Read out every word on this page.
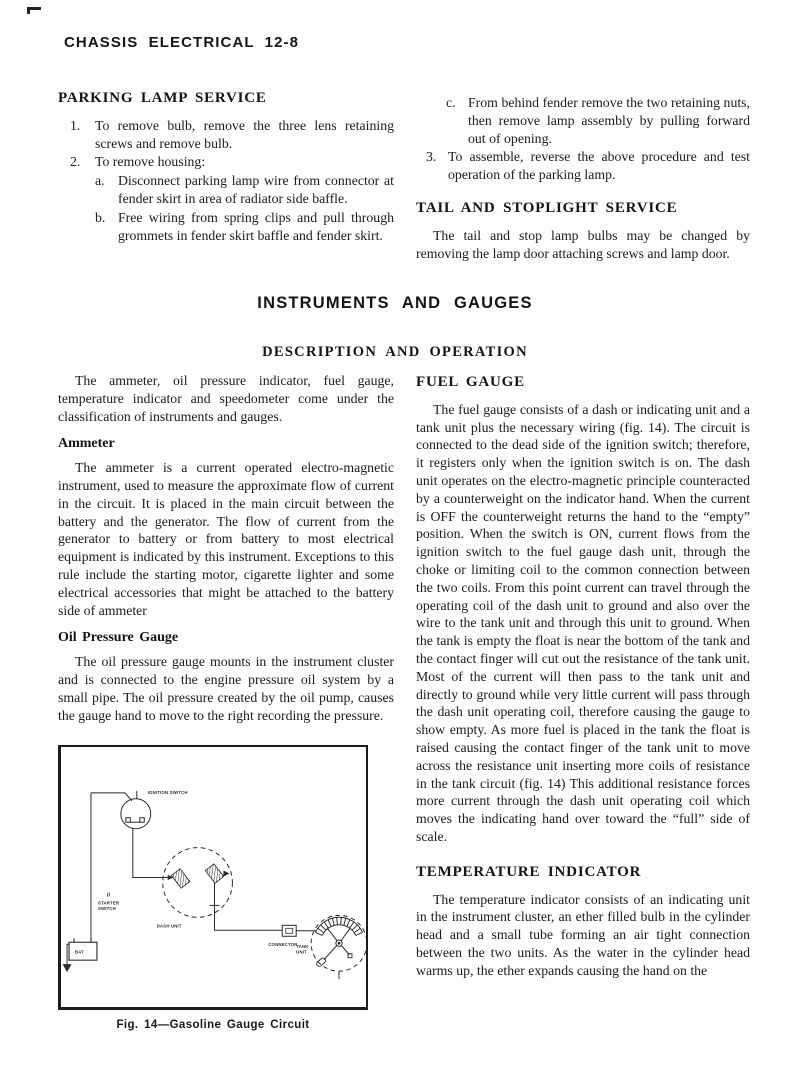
CHASSIS ELECTRICAL 12-8
PARKING LAMP SERVICE
1.	To remove bulb, remove the three lens retaining screws and remove bulb.
2.	To remove housing:
a. Disconnect parking lamp wire from connector at fender skirt in area of radiator side baffle.
b. Free wiring from spring clips and pull through grommets in fender skirt baffle and fender skirt.
c. From behind fender remove the two retaining nuts, then remove lamp assembly by pulling forward out of opening.
3. To assemble, reverse the above procedure and test operation of the parking lamp.
TAIL AND STOPLIGHT SERVICE

The tail and stop lamp bulbs may be changed by removing the lamp door attaching screws and lamp door.

INSTRUMENTS AND GAUGES
DESCRIPTION AND OPERATION

The ammeter, oil pressure indicator, fuel gauge, temperature indicator and speedometer come under the classification of instruments and gauges.

Ammeter

The ammeter is a current operated electro-magnetic instrument, used to measure the approximate flow of current in the circuit. It is placed in the main circuit between the battery and the generator. The flow of current from the generator to battery or from battery to most electrical equipment is indicated by this instrument. Exceptions to this rule include the starting motor, cigarette lighter and some electrical accessories that might be attached to the battery side of ammeter

Oil Pressure Gauge

The oil pressure gauge mounts in the instrument cluster and is connected to the engine pressure oil system by a small pipe. The oil pressure created by the oil pump, causes the gauge hand to move to the right recording the pressure.

FUEL GAUGE

The fuel gauge consists of a dash or indicating unit and a tank unit plus the necessary wiring (fig. 14). The circuit is connected to the dead side of the ignition switch; therefore, it registers only when the ignition switch is on. The dash unit operates on the electro-magnetic principle counteracted by a counterweight on the indicator hand. When the current is OFF the counterweight returns the hand to the “empty” position. When the switch is ON, current flows from the ignition switch to the fuel gauge dash unit, through the choke or limiting coil to the common connection between the two coils. From this point current can travel through the operating coil of the dash unit to ground and also over the wire to the tank unit and through this unit to ground. When the tank is empty the float is near the bottom of the tank and the contact finger will cut out the resistance of the tank unit. Most of the current will then pass to the tank unit and directly to ground while very little current will pass through the dash unit operating coil, therefore causing the gauge to show empty. As more fuel is placed in the tank the float is raised causing the contact finger of the tank unit to move across the resistance unit inserting more coils of resistance in the tank circuit (fig. 14) This additional resistance forces more current through the dash unit operating coil which moves the indicating hand over toward the “full” side of scale.

TEMPERATURE INDICATOR

The temperature indicator consists of an indicating unit in the instrument cluster, an ether filled bulb in the cylinder head and a small tube forming an air tight connection between the two units. As the water in the cylinder head warms up, the ether expands causing the hand on the

IGNITION SWITCH
II
STARTER
SWITCH
BAT
DASH UNIT
CONNECTOR
TANK
UNIT
Fig. 14—Gasoline Gauge Circuit
